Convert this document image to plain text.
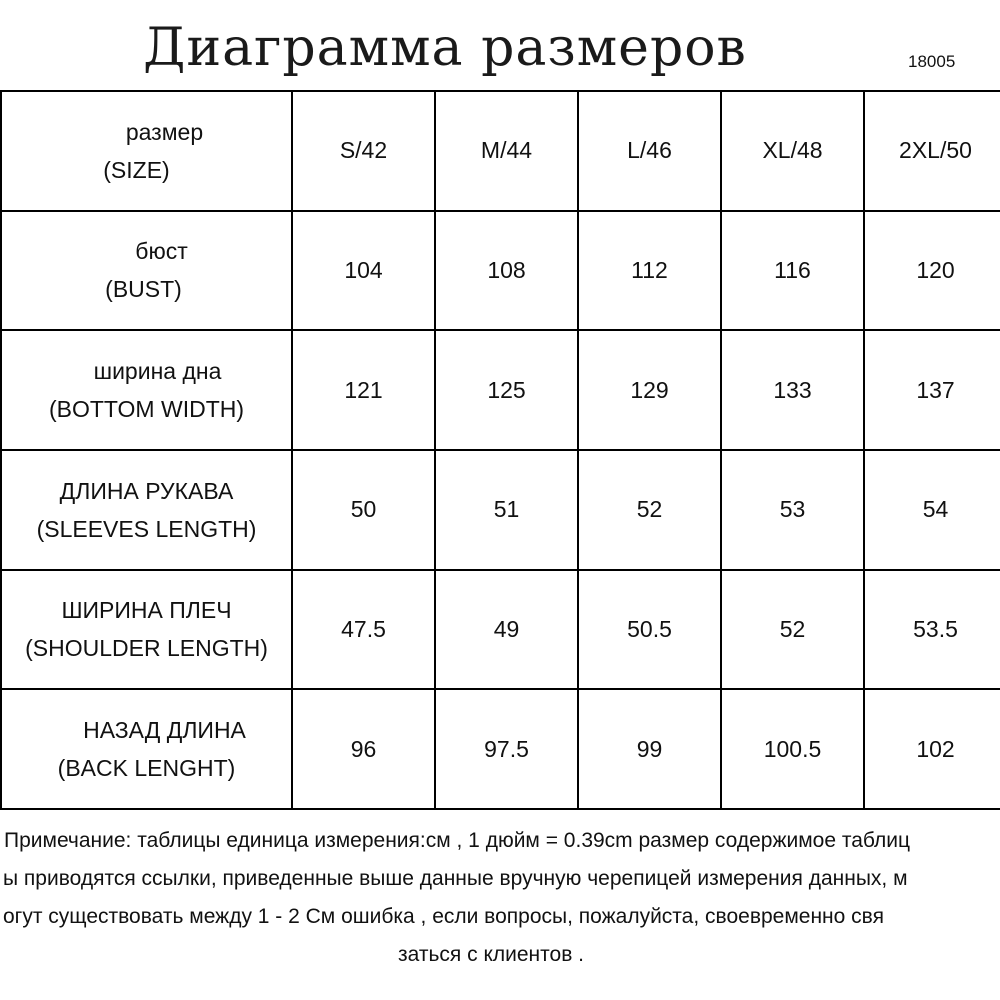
Диаграмма размеров	18005
размер
(SIZE)	S/42	M/44	L/46	XL/48	2XL/50

бюст
(BUST)	104	108	112	116	120

ширина дна
(BOTTOM WIDTH)	121	125	129	133	137

ДЛИНА РУКАВА
(SLEEVES LENGTH)	50	51	52	53	54

ШИРИНА ПЛЕЧ
(SHOULDER LENGTH)	47.5	49	50.5	52	53.5

НАЗАД ДЛИНА
(BACK LENGHT)	96	97.5	99	100.5	102
Примечание: таблицы единица измерения:см , 1 дюйм = 0.39cm размер содержимое таблиц
ы приводятся ссылки, приведенные выше данные вручную черепицей измерения данных, м
огут существовать между 1 - 2 См ошибка , если вопросы, пожалуйста, своевременно свя
заться с клиентов .
